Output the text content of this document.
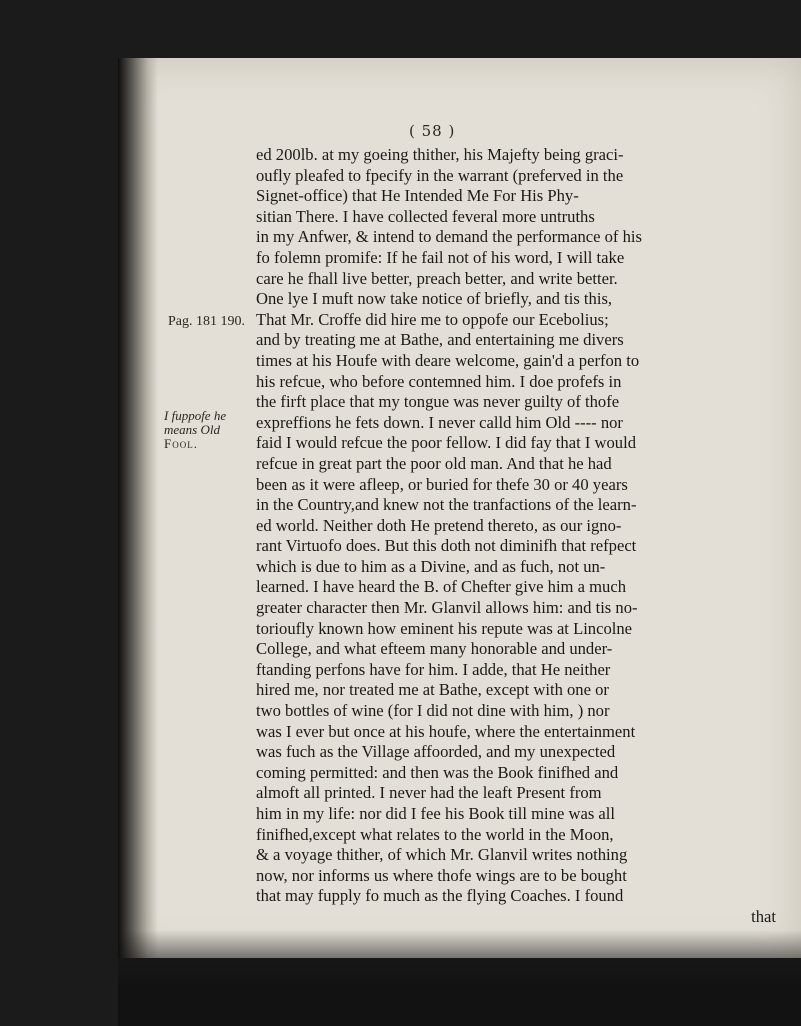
( 58 )
Pag. 181 190.
I fuppofe he
means Old
Fool.
ed 200lb. at my goeing thither, his Majefty being graci-
oufly pleafed to fpecify in the warrant (preferved in the
Signet-office) that He Intended Me For His Phy-
sitian There. I have collected feveral more untruths
in my Anfwer, & intend to demand the performance of his
fo folemn promife: If he fail not of his word, I will take
care he fhall live better, preach better, and write better.
One lye I muft now take notice of briefly, and tis this,
That Mr. Croffe did hire me to oppofe our Ecebolius;
and by treating me at Bathe, and entertaining me divers
times at his Houfe with deare welcome, gain'd a perfon to
his refcue, who before contemned him. I doe profefs in
the firft place that my tongue was never guilty of thofe
expreffions he fets down. I never calld him Old ---- nor
faid I would refcue the poor fellow. I did fay that I would
refcue in great part the poor old man. And that he had
been as it were afleep, or buried for thefe 30 or 40 years
in the Country,and knew not the tranfactions of the learn-
ed world. Neither doth He pretend thereto, as our igno-
rant Virtuofo does. But this doth not diminifh that refpect
which is due to him as a Divine, and as fuch, not un-
learned. I have heard the B. of Chefter give him a much
greater character then Mr. Glanvil allows him: and tis no-
torioufly known how eminent his repute was at Lincolne
College, and what efteem many honorable and under-
ftanding perfons have for him. I adde, that He neither
hired me, nor treated me at Bathe, except with one or
two bottles of wine (for I did not dine with him, ) nor
was I ever but once at his houfe, where the entertainment
was fuch as the Village affoorded, and my unexpected
coming permitted: and then was the Book finifhed and
almoft all printed. I never had the leaft Present from
him in my life: nor did I fee his Book till mine was all
finifhed,except what relates to the world in the Moon,
& a voyage thither, of which Mr. Glanvil writes nothing
now, nor informs us where thofe wings are to be bought
that may fupply fo much as the flying Coaches. I found
that
